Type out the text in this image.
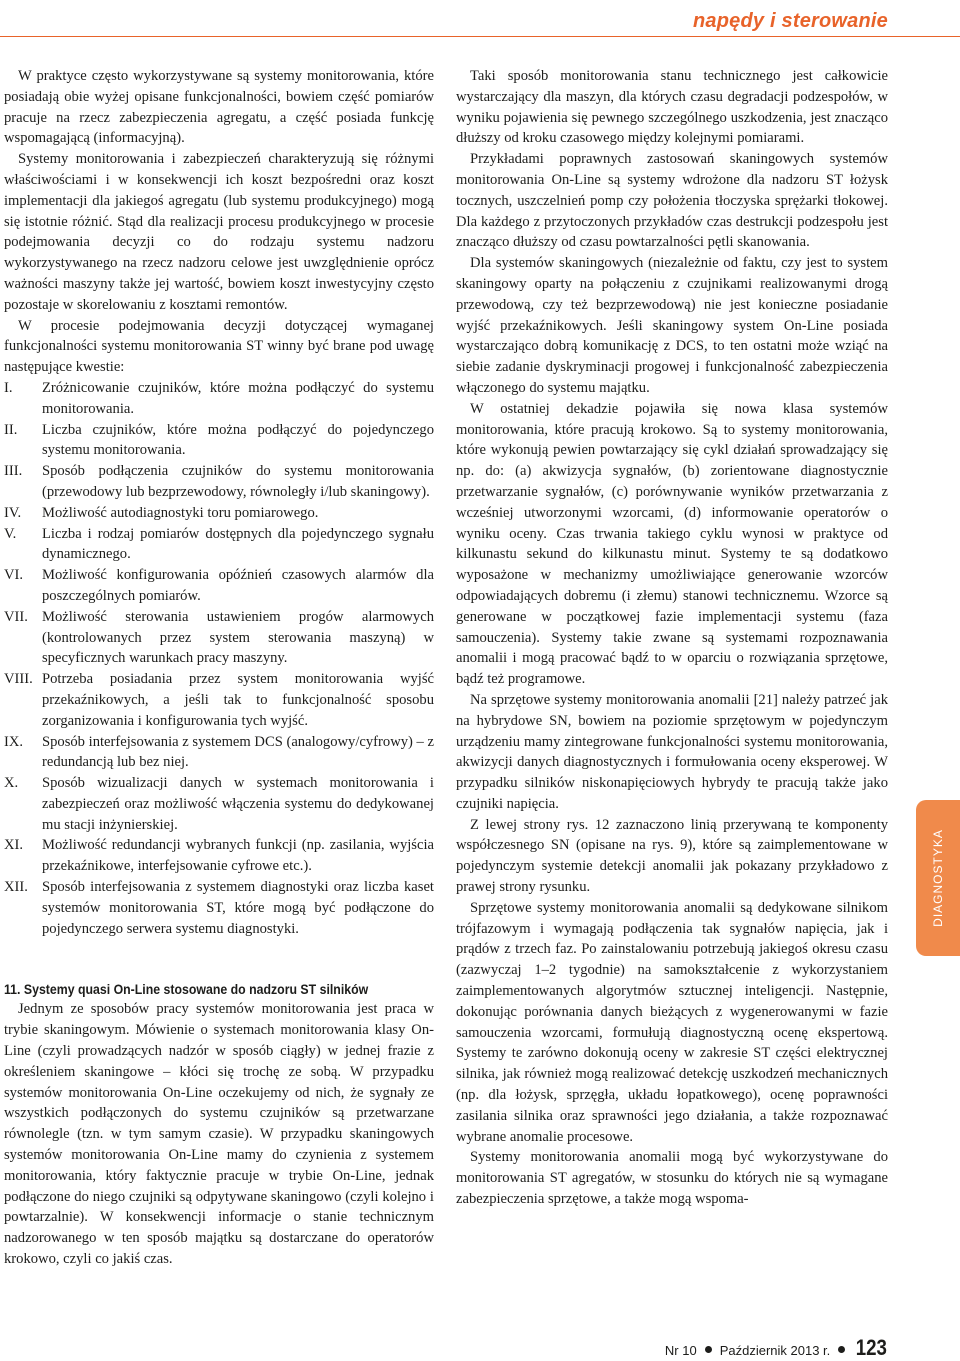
napędy i sterowanie

W praktyce często wykorzystywane są systemy monitorowania, które posiadają obie wyżej opisane funkcjonalności, bowiem część pomiarów pracuje na rzecz zabezpieczenia agregatu, a część posiada funkcję wspomagającą (informacyjną).

Systemy monitorowania i zabezpieczeń charakteryzują się różnymi właściwościami i w konsekwencji ich koszt bezpośredni oraz koszt implementacji dla jakiegoś agregatu (lub systemu produkcyjnego) mogą się istotnie różnić. Stąd dla realizacji procesu produkcyjnego w procesie podejmowania decyzji co do rodzaju systemu nadzoru wykorzystywanego na rzecz nadzoru celowe jest uwzględnienie oprócz ważności maszyny także jej wartość, bowiem koszt inwestycyjny często pozostaje w skorelowaniu z kosztami remontów.

W procesie podejmowania decyzji dotyczącej wymaganej funkcjonalności systemu monitorowania ST winny być brane pod uwagę następujące kwestie:

I.	Zróżnicowanie czujników, które można podłączyć do systemu monitorowania.
II.	Liczba czujników, które można podłączyć do pojedynczego systemu monitorowania.
III.	Sposób podłączenia czujników do systemu monitorowania (przewodowy lub bezprzewodowy, równoległy i/lub skaningowy).
IV.	Możliwość autodiagnostyki toru pomiarowego.
V.	Liczba i rodzaj pomiarów dostępnych dla pojedynczego sygnału dynamicznego.
VI.	Możliwość konfigurowania opóźnień czasowych alarmów dla poszczególnych pomiarów.
VII. Możliwość sterowania ustawieniem progów alarmowych (kontrolowanych przez system sterowania maszyną) w specyficznych warunkach pracy maszyny.
VIII. Potrzeba posiadania przez system monitorowania wyjść przekaźnikowych, a jeśli tak to funkcjonalność sposobu zorganizowania i konfigurowania tych wyjść.
IX.	Sposób interfejsowania z systemem DCS (analogowy/cyfrowy) – z redundancją lub bez niej.
X.	Sposób wizualizacji danych w systemach monitorowania i zabezpieczeń oraz możliwość włączenia systemu do dedykowanej mu stacji inżynierskiej.
XI.	Możliwość redundancji wybranych funkcji (np. zasilania, wyjścia przekaźnikowe, interfejsowanie cyfrowe etc.).
XII. Sposób interfejsowania z systemem diagnostyki oraz liczba kaset systemów monitorowania ST, które mogą być podłączone do pojedynczego serwera systemu diagnostyki.
11. Systemy quasi On-Line stosowane do nadzoru ST silników

Jednym ze sposobów pracy systemów monitorowania jest praca w trybie skaningowym. Mówienie o systemach monitorowania klasy On-Line (czyli prowadzących nadzór w sposób ciągły) w jednej frazie z określeniem skaningowe – kłóci się trochę ze sobą. W przypadku systemów monitorowania On-Line oczekujemy od nich, że sygnały ze wszystkich podłączonych do systemu czujników są przetwarzane równolegle (tzn. w tym samym czasie). W przypadku skaningowych systemów monitorowania On-Line mamy do czynienia z systemem monitorowania, który faktycznie pracuje w trybie On-Line, jednak podłączone do niego czujniki są odpytywane skaningowo (czyli kolejno i powtarzalnie). W konsekwencji informacje o stanie technicznym nadzorowanego w ten sposób majątku są dostarczane do operatorów krokowo, czyli co jakiś czas.

Taki sposób monitorowania stanu technicznego jest całkowicie wystarczający dla maszyn, dla których czasu degradacji podzespołów, w wyniku pojawienia się pewnego szczególnego uszkodzenia, jest znacząco dłuższy od kroku czasowego między kolejnymi pomiarami.

Przykładami poprawnych zastosowań skaningowych systemów monitorowania On-Line są systemy wdrożone dla nadzoru ST łożysk tocznych, uszczelnień pomp czy położenia tłoczyska sprężarki tłokowej. Dla każdego z przytoczonych przykładów czas destrukcji podzespołu jest znacząco dłuższy od czasu powtarzalności pętli skanowania.

Dla systemów skaningowych (niezależnie od faktu, czy jest to system skaningowy oparty na połączeniu z czujnikami realizowanymi drogą przewodową, czy też bezprzewodową) nie jest konieczne posiadanie wyjść przekaźnikowych. Jeśli skaningowy system On-Line posiada wystarczająco dobrą komunikację z DCS, to ten ostatni może wziąć na siebie zadanie dyskryminacji progowej i funkcjonalność zabezpieczenia włączonego do systemu majątku.

W ostatniej dekadzie pojawiła się nowa klasa systemów monitorowania, które pracują krokowo. Są to systemy monitorowania, które wykonują pewien powtarzający się cykl działań sprowadzający się np. do: (a) akwizycja sygnałów, (b) zorientowane diagnostycznie przetwarzanie sygnałów, (c) porównywanie wyników przetwarzania z wcześniej utworzonymi wzorcami, (d) informowanie operatorów o wyniku oceny. Czas trwania takiego cyklu wynosi w praktyce od kilkunastu sekund do kilkunastu minut. Systemy te są dodatkowo wyposażone w mechanizmy umożliwiające generowanie wzorców odpowiadających dobremu (i złemu) stanowi technicznemu. Wzorce są generowane w początkowej fazie implementacji systemu (faza samouczenia). Systemy takie zwane są systemami rozpoznawania anomalii i mogą pracować bądź to w oparciu o rozwiązania sprzętowe, bądź też programowe.

Na sprzętowe systemy monitorowania anomalii [21] należy patrzeć jak na hybrydowe SN, bowiem na poziomie sprzętowym w pojedynczym urządzeniu mamy zintegrowane funkcjonalności systemu monitorowania, akwizycji danych diagnostycznych i formułowania oceny eksperowej. W przypadku silników niskonapięciowych hybrydy te pracują także jako czujniki napięcia.

Z lewej strony rys. 12 zaznaczono linią przerywaną te komponenty współczesnego SN (opisane na rys. 9), które są zaimplementowane w pojedynczym systemie detekcji anomalii jak pokazany przykładowo z prawej strony rysunku.

Sprzętowe systemy monitorowania anomalii są dedykowane silnikom trójfazowym i wymagają podłączenia tak sygnałów napięcia, jak i prądów z trzech faz. Po zainstalowaniu potrzebują jakiegoś okresu czasu (zazwyczaj 1–2 tygodnie) na samokształcenie z wykorzystaniem zaimplementowanych algorytmów sztucznej inteligencji. Następnie, dokonując porównania danych bieżących z wygenerowanymi w fazie samouczenia wzorcami, formułują diagnostyczną ocenę ekspertową. Systemy te zarówno dokonują oceny w zakresie ST części elektrycznej silnika, jak również mogą realizować detekcję uszkodzeń mechanicznych (np. dla łożysk, sprzęgła, układu łopatkowego), ocenę poprawności zasilania silnika oraz sprawności jego działania, a także rozpoznawać wybrane anomalie procesowe.

Systemy monitorowania anomalii mogą być wykorzystywane do monitorowania ST agregatów, w stosunku do których nie są wymagane zabezpieczenia sprzętowe, a także mogą wspoma-

DIAGNOSTYKA
Nr 10 Październik 2013 r. 123
